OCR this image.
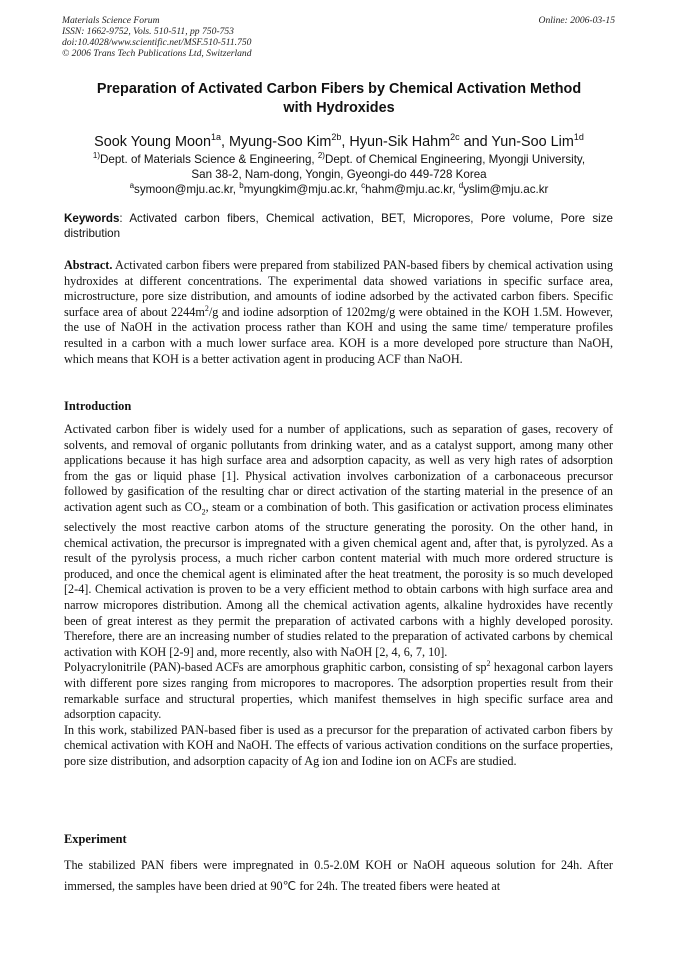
Materials Science Forum
ISSN: 1662-9752, Vols. 510-511, pp 750-753
doi:10.4028/www.scientific.net/MSF.510-511.750
© 2006 Trans Tech Publications Ltd, Switzerland
Online: 2006-03-15
Preparation of Activated Carbon Fibers by Chemical Activation Method
with Hydroxides
Sook Young Moon$^{1a}$, Myung-Soo Kim$^{2b}$, Hyun-Sik Hahm$^{2c}$ and Yun-Soo Lim$^{1d}$
$^{1)}$Dept. of Materials Science & Engineering, $^{2)}$Dept. of Chemical Engineering, Myongji University,
San 38-2, Nam-dong, Yongin, Gyeongi-do 449-728 Korea
$^a$symoon@mju.ac.kr, $^b$myungkim@mju.ac.kr, $^c$hahm@mju.ac.kr, $^d$yslim@mju.ac.kr
Keywords: Activated carbon fibers, Chemical activation, BET, Micropores, Pore volume, Pore size distribution
Abstract. Activated carbon fibers were prepared from stabilized PAN-based fibers by chemical activation using hydroxides at different concentrations. The experimental data showed variations in specific surface area, microstructure, pore size distribution, and amounts of iodine adsorbed by the activated carbon fibers. Specific surface area of about $2244m^2/g$ and iodine adsorption of 1202mg/g were obtained in the KOH 1.5M. However, the use of NaOH in the activation process rather than KOH and using the same time/ temperature profiles resulted in a carbon with a much lower surface area. KOH is a more developed pore structure than NaOH, which means that KOH is a better activation agent in producing ACF than NaOH.
Introduction

Activated carbon fiber is widely used for a number of applications, such as separation of gases, recovery of solvents, and removal of organic pollutants from drinking water, and as a catalyst support, among many other applications because it has high surface area and adsorption capacity, as well as very high rates of adsorption from the gas or liquid phase [1]. Physical activation involves carbonization of a carbonaceous precursor followed by gasification of the resulting char or direct activation of the starting material in the presence of an activation agent such as $CO_2$, steam or a combination of both. This gasification or activation process eliminates selectively the most reactive carbon atoms of the structure generating the porosity. On the other hand, in chemical activation, the precursor is impregnated with a given chemical agent and, after that, is pyrolyzed. As a result of the pyrolysis process, a much richer carbon content material with much more ordered structure is produced, and once the chemical agent is eliminated after the heat treatment, the porosity is so much developed [2-4]. Chemical activation is proven to be a very efficient method to obtain carbons with high surface area and narrow micropores distribution. Among all the chemical activation agents, alkaline hydroxides have recently been of great interest as they permit the preparation of activated carbons with a highly developed porosity. Therefore, there are an increasing number of studies related to the preparation of activated carbons by chemical activation with KOH [2-9] and, more recently, also with NaOH [2, 4, 6, 7, 10].

Polyacrylonitrile (PAN)-based ACFs are amorphous graphitic carbon, consisting of $sp^2$ hexagonal carbon layers with different pore sizes ranging from micropores to macropores. The adsorption properties result from their remarkable surface and structural properties, which manifest themselves in high specific surface area and adsorption capacity.

In this work, stabilized PAN-based fiber is used as a precursor for the preparation of activated carbon fibers by chemical activation with KOH and NaOH. The effects of various activation conditions on the surface properties, pore size distribution, and adsorption capacity of Ag ion and Iodine ion on ACFs are studied.

Experiment

The stabilized PAN fibers were impregnated in 0.5-2.0M KOH or NaOH aqueous solution for 24h. After immersed, the samples have been dried at 90℃ for 24h. The treated fibers were heated at
